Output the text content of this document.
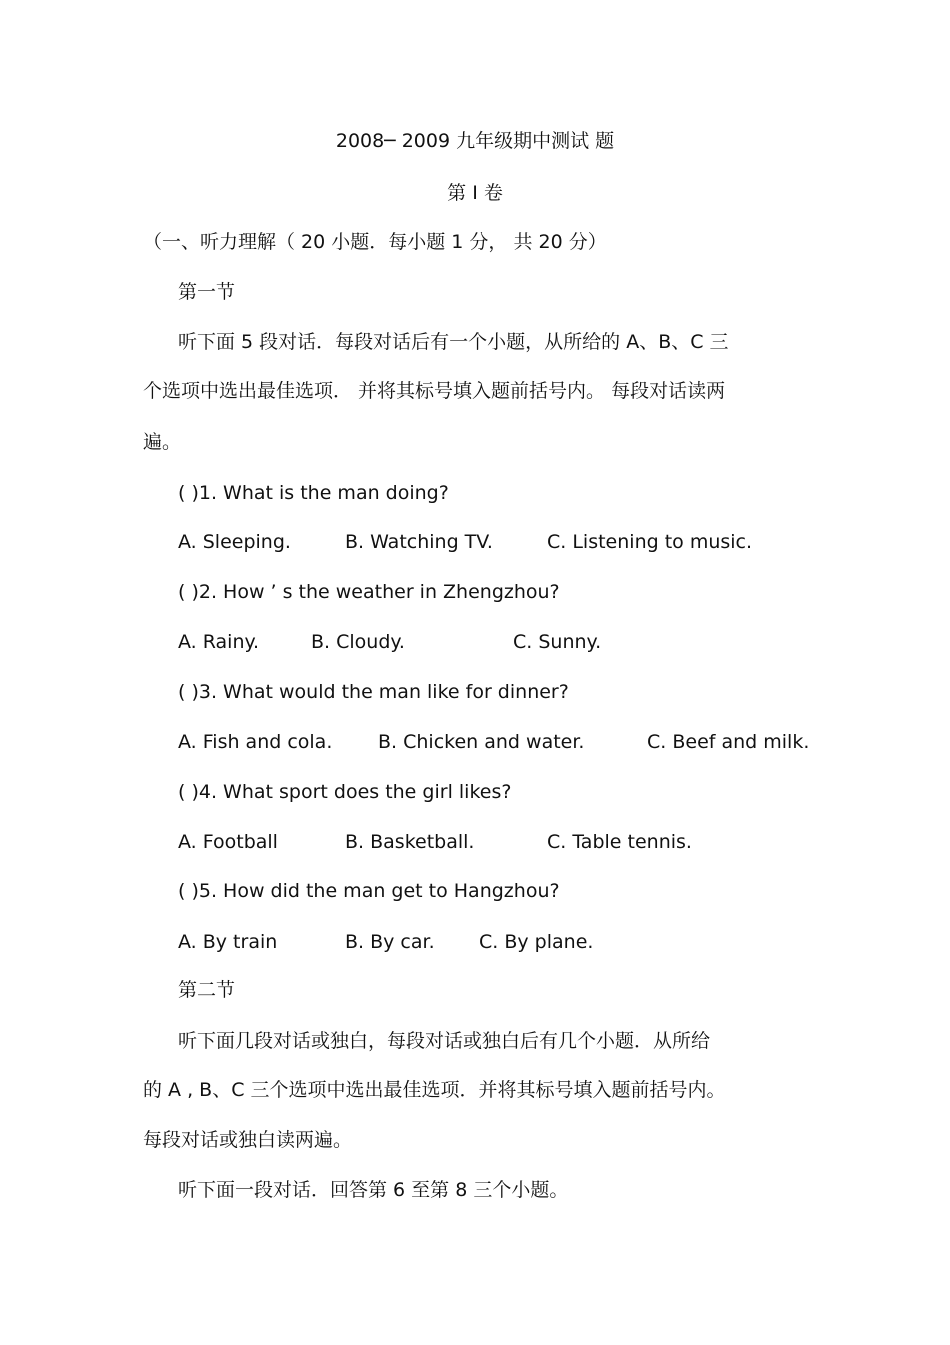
2008─ 2009 九年级期中测试 题
第 I 卷
（一、听力理解（ 20 小题．每小题 1 分， 共 20 分）
第一节
听下面 5 段对话．每段对话后有一个小题，从所给的 A、B、C 三
个选项中选出最佳选项． 并将其标号填入题前括号内。 每段对话读两
遍。
( )1. What is the man doing?
A. Sleeping.	B. Watching TV.	C. Listening to music.
( )2. How ’ s the weather in Zhengzhou?
A. Rainy.	B. Cloudy.	C. Sunny.
( )3. What would the man like for dinner?
A. Fish and cola. B. Chicken and water.	C. Beef and milk.
( )4. What sport does the girl likes?
A. Football	B. Basketball.	C. Table tennis.
( )5. How did the man get to Hangzhou?
A. By train	B. By car. C. By plane.
第二节
听下面几段对话或独白，每段对话或独白后有几个小题．从所给
的 A , B、C 三个选项中选出最佳选项．并将其标号填入题前括号内。
每段对话或独白读两遍。
听下面一段对话．回答第 6 至第 8 三个小题。
